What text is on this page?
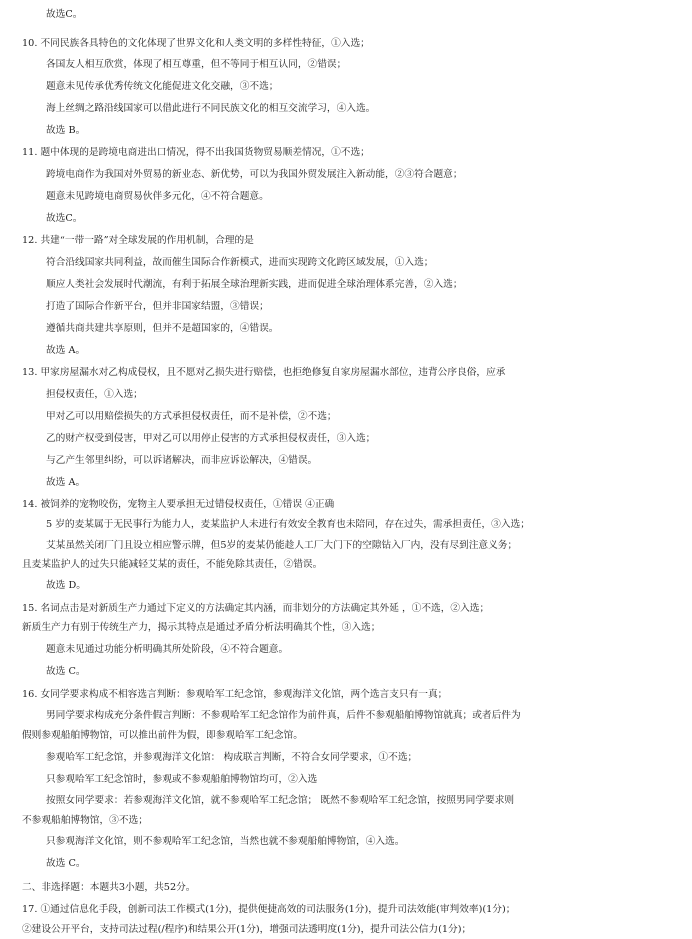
故选C。
10. 不同民族各具特色的文化体现了世界文化和人类文明的多样性特征，①入选；
各国友人相互欣赏，体现了相互尊重，但不等同于相互认同，②错误；
题意未见传承优秀传统文化能促进文化交融，③不选；
海上丝绸之路沿线国家可以借此进行不同民族文化的相互交流学习，④入选。
故选 B。
11. 题中体现的是跨境电商进出口情况，得不出我国货物贸易顺差情况，①不选；
跨境电商作为我国对外贸易的新业态、新优势，可以为我国外贸发展注入新动能，②③符合题意；
题意未见跨境电商贸易伙伴多元化，④不符合题意。
故选C。
12. 共建“一带一路”对全球发展的作用机制，合理的是
符合沿线国家共同利益，故而催生国际合作新模式，进而实现跨文化跨区域发展，①入选；
顺应人类社会发展时代潮流，有利于拓展全球治理新实践，进而促进全球治理体系完善，②入选；
打造了国际合作新平台，但并非国家结盟，③错误；
遵循共商共建共享原则，但并不是超国家的，④错误。
故选 A。
13. 甲家房屋漏水对乙构成侵权，且不愿对乙损失进行赔偿，也拒绝修复自家房屋漏水部位，违背公序良俗，应承
担侵权责任，①入选；
甲对乙可以用赔偿损失的方式承担侵权责任，而不是补偿，②不选；
乙的财产权受到侵害，甲对乙可以用停止侵害的方式承担侵权责任，③入选；
与乙产生邻里纠纷，可以诉诸解决，而非应诉讼解决，④错误。
故选 A。
14. 被饲养的宠物咬伤，宠物主人要承担无过错侵权责任，①错误 ④正确
5 岁的麦某属于无民事行为能力人，麦某监护人未进行有效安全教育也未陪同，存在过失，需承担责任，③入选；
艾某虽然关闭厂门且设立相应警示牌，但5岁的麦某仍能趁人工厂大门下的空隙钻入厂内，没有尽到注意义务；
且麦某监护人的过失只能减轻艾某的责任，不能免除其责任，②错误。
故选 D。
15. 名词点击是对新质生产力通过下定义的方法确定其内涵，而非划分的方法确定其外延 ，①不选，②入选；
新质生产力有别于传统生产力，揭示其特点是通过矛盾分析法明确其个性，③入选；
题意未见通过功能分析明确其所处阶段，④不符合题意。
故选 C。
16. 女同学要求构成不相容选言判断：参观哈军工纪念馆，参观海洋文化馆，两个选言支只有一真；
男同学要求构成充分条件假言判断：不参观哈军工纪念馆作为前件真，后件不参观船舶博物馆就真；或者后件为
假则参观船舶博物馆，可以推出前件为假，即参观哈军工纪念馆。
参观哈军工纪念馆，并参观海洋文化馆： 构成联言判断，不符合女同学要求，①不选；
只参观哈军工纪念馆时，参观或不参观船舶博物馆均可，②入选
按照女同学要求：若参观海洋文化馆，就不参观哈军工纪念馆； 既然不参观哈军工纪念馆，按照男同学要求则
不参观船舶博物馆，③不选；
只参观海洋文化馆，则不参观哈军工纪念馆，当然也就不参观船舶博物馆，④入选。
故选 C。
二、非选择题：本题共3小题，共52分。
17. ①通过信息化手段，创新司法工作模式(1分)，提供便捷高效的司法服务(1分)，提升司法效能(审判效率)(1分)；
②建设公开平台，支持司法过程(/程序)和结果公开(1分)，增强司法透明度(1分)，提升司法公信力(1分)；
